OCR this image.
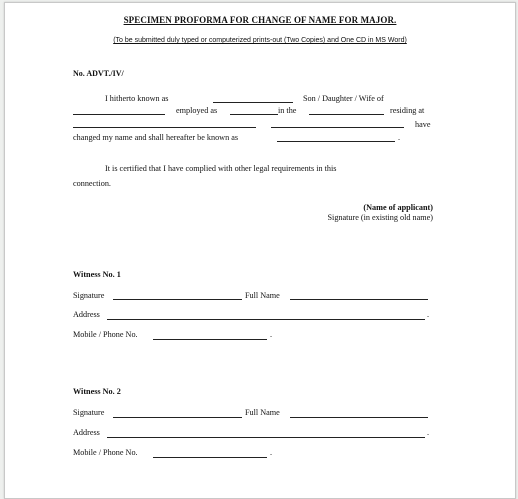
SPECIMEN PROFORMA FOR CHANGE OF NAME FOR MAJOR.
(To be submitted duly typed or computerized prints-out (Two Copies) and One CD in MS Word)
No. ADVT./IV/
I hitherto known as	Son / Daughter / Wife of
employed as	in the	residing at
have
changed my name and shall hereafter be known as	.
It is certified that I have complied with other legal requirements in this
connection.
(Name of applicant)
Signature (in existing old name)
Witness No. 1
Signature	Full Name
Address	.
Mobile / Phone No.	.
Witness No. 2
Signature	Full Name
Address	.
Mobile / Phone No.	.
